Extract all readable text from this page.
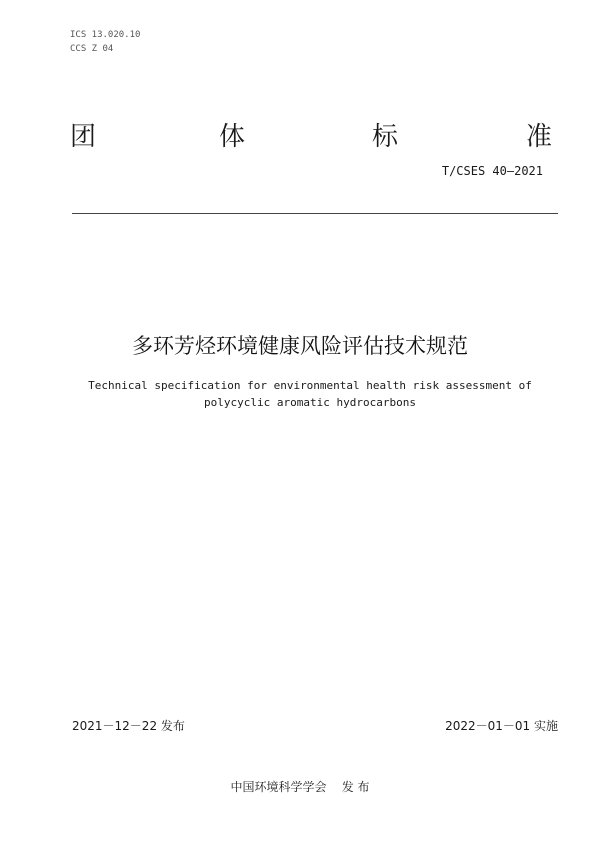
ICS 13.020.10
CCS Z 04
团	体	标	准
T/CSES 40—2021
多环芳烃环境健康风险评估技术规范
Technical specification for environmental health risk assessment of
polycyclic aromatic hydrocarbons
2021－12－22 发布	2022－01－01 实施
中国环境科学学会    发 布
